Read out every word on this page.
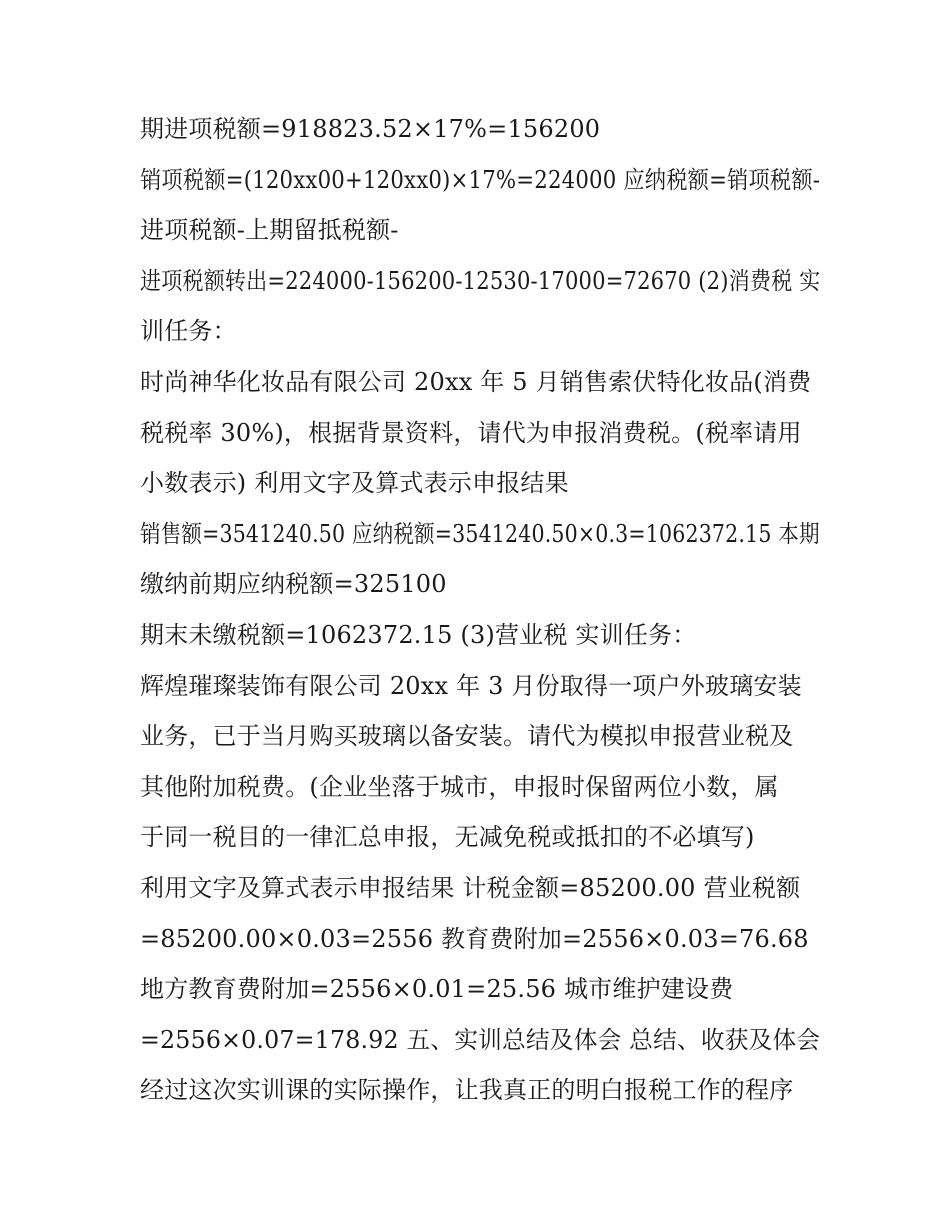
期进项税额=918823.52×17%=156200
销项税额=(120xx00+120xx0)×17%=224000 应纳税额=销项税额-
进项税额-上期留抵税额-
进项税额转出=224000-156200-12530-17000=72670 (2)消费税 实
训任务：
时尚神华化妆品有限公司 20xx 年 5 月销售索伏特化妆品(消费
税税率 30%)，根据背景资料，请代为申报消费税。(税率请用
小数表示) 利用文字及算式表示申报结果
销售额=3541240.50 应纳税额=3541240.50×0.3=1062372.15 本期
缴纳前期应纳税额=325100
期末未缴税额=1062372.15 (3)营业税 实训任务：
辉煌璀璨装饰有限公司 20xx 年 3 月份取得一项户外玻璃安装
业务，已于当月购买玻璃以备安装。请代为模拟申报营业税及
其他附加税费。(企业坐落于城市，申报时保留两位小数，属
于同一税目的一律汇总申报，无减免税或抵扣的不必填写)
利用文字及算式表示申报结果 计税金额=85200.00 营业税额
=85200.00×0.03=2556 教育费附加=2556×0.03=76.68
地方教育费附加=2556×0.01=25.56 城市维护建设费
=2556×0.07=178.92 五、实训总结及体会 总结、收获及体会
经过这次实训课的实际操作，让我真正的明白报税工作的程序
